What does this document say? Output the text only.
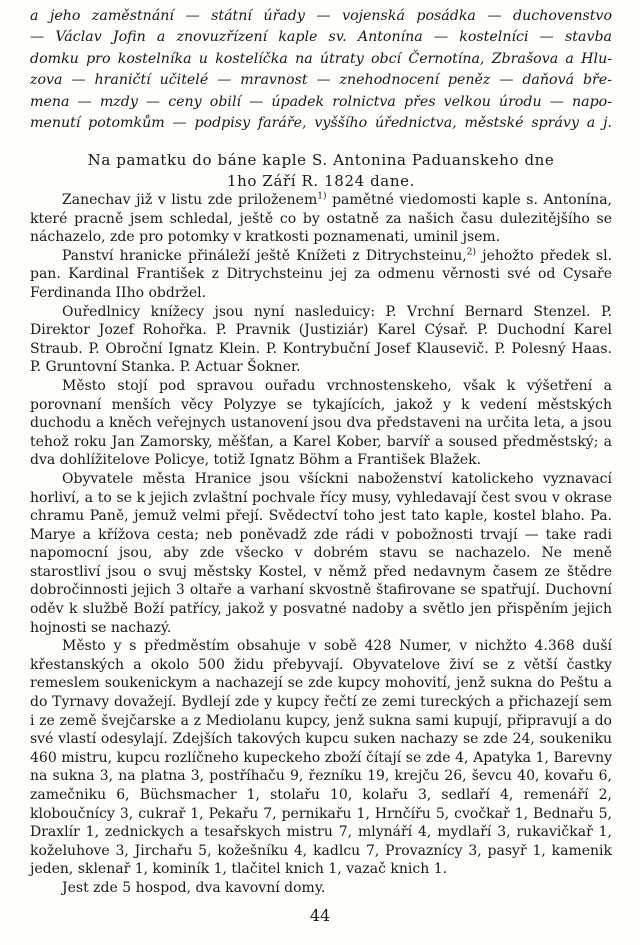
a jeho zaměstnání — státní úřady — vojenská posádka — duchovenstvo
— Václav Jofin a znovuzřízení kaple sv. Antonína — kostelníci — stavba
domku pro kostelníka u kostelíčka na útraty obcí Černotína, Zbrašova a Hlu-
zova — hraničtí učitelé — mravnost — znehodnocení peněz — daňová bře-
mena — mzdy — ceny obilí — úpadek rolnictva přes velkou úrodu — napo-
menutí potomkům — podpisy faráře, vyššího úřednictva, městské správy a j.
Na pamatku do báne kaple S. Antonina Paduanskeho dne
1ho Září R. 1824 dane.

Zanechav již v listu zde priloženem$^{1)}$ pamětné viedomosti kaple s. Antonína, které pracně jsem schledal, ještě co by ostatně za našich času dulezitějšího se náchazelo, zde pro potomky v kratkosti poznamenati, uminil jsem.

Panství hranicke přináleží ještě Knížeti z Ditrychsteinu,$^{2)}$ jehožto předek sl. pan. Kardinal František z Ditrychsteinu jej za odmenu věrnosti své od Cysaře Ferdinanda IIho obdržel.

Ouředlnicy knížecy jsou nyní nasleduicy: P. Vrchní Bernard Stenzel. P. Direktor Jozef Rohořka. P. Pravnik (Justiziár) Karel Cýsař. P. Duchodní Karel Straub. P. Obroční Ignatz Klein. P. Kontrybuční Josef Klausevič. P. Polesný Haas. P. Gruntovní Stanka. P. Actuar Šokner.

Město stojí pod spravou ouřadu vrchnostenskeho, však k výšetření a porovnaní menších věcy Polyzye se tykajících, jakož y k vedení městských duchodu a kněch veřejnych ustanovení jsou dva představeni na určita leta, a jsou tehož roku Jan Zamorsky, měšťan, a Karel Kober, barvíř a soused předměstský; a dva dohlížitelove Policye, totiž Ignatz Böhm a František Blažek.

Obyvatele města Hranice jsou všíckni naboženství katolickeho vyznavací horliví, a to se k jejich zvlaštní pochvale řícy musy, vyhledavají čest svou v okrase chramu Paně, jemuž velmi přejí. Svědectví toho jest tato kaple, kostel blaho. Pa. Marye a křížova cesta; neb poněvadž zde rádi v pobožnosti trvají — take radi napomocní jsou, aby zde všecko v dobrém stavu se nachazelo. Ne meně starostliví jsou o svuj městsky Kostel, v němž před nedavnym časem ze štědre dobročinnosti jejich 3 oltaře a varhaní skvostně štafirovane se spatřují. Duchovní oděv k službě Boží patřícy, jakož y posvatné nadoby a světlo jen přispěním jejich hojnosti se nachazý.

Město y s předměstím obsahuje v sobě 428 Numer, v nichžto 4.368 duší křestanských a okolo 500 židu přebyvají. Obyvatelove živí se z větší častky remeslem soukenickym a nachazejí se zde kupcy mohovití, jenž sukna do Peštu a do Tyrnavy dovažejí. Bydlejí zde y kupcy řečtí ze zemi tureckých a přichazejí sem i ze země švejčarske a z Mediolanu kupcy, jenž sukna sami kupují, připravují a do své vlastí odesylají. Zdejších takových kupcu suken nachazy se zde 24, soukeniku 460 mistru, kupcu rozlíčneho kupeckeho zboží čítají se zde 4, Apatyka 1, Barevny na sukna 3, na platna 3, postříhaču 9, řezníku 19, krejču 26, ševcu 40, kovařu 6, zamečniku 6, Büchsmacher 1, stolařu 10, kolařu 3, sedlaří 4, remenáří 2, kloboučnícy 3, cukrař 1, Pekařu 7, pernikařu 1, Hrnčířu 5, cvočkař 1, Bednařu 5, Draxlír 1, zednickych a tesařskych mistru 7, mlynáří 4, mydlaří 3, rukavičkař 1, koželuhove 3, Jirchařu 5, kožešníku 4, kadlcu 7, Provaznícy 3, pasyř 1, kamenik jeden, sklenař 1, kominík 1, tlačitel knich 1, vazač knich 1.

Jest zde 5 hospod, dva kavovní domy.

44
